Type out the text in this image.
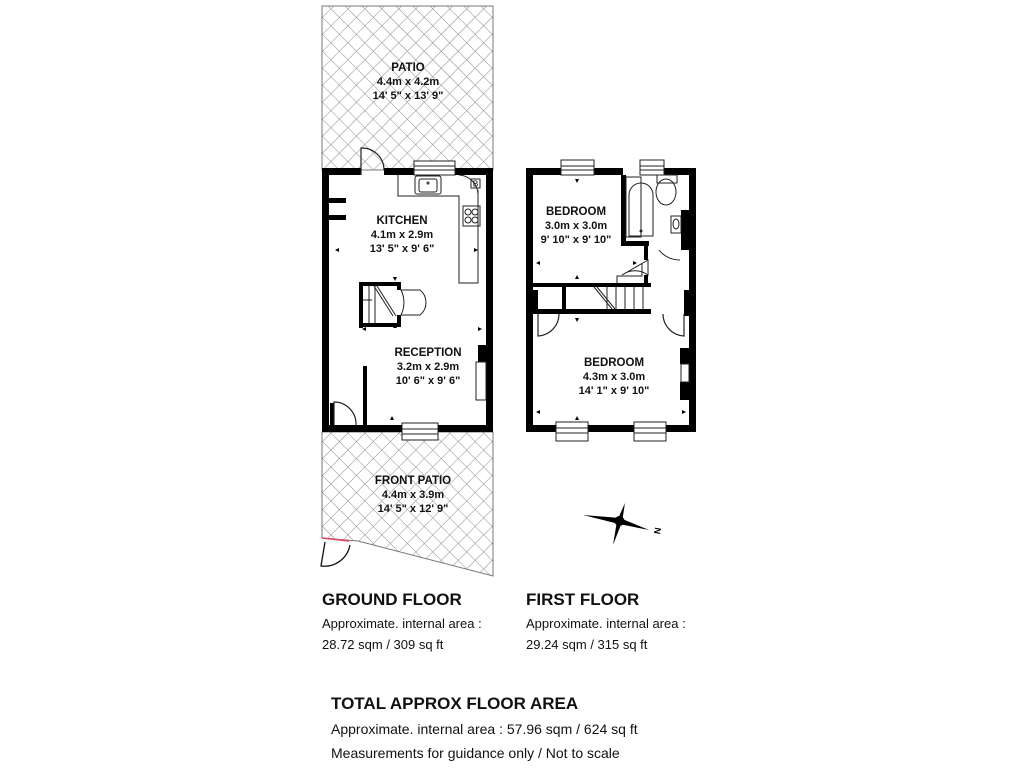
B
N
PATIO
4.4m x 4.2m
14' 5" x 13' 9"
KITCHEN
4.1m x 2.9m
13' 5" x 9' 6"
RECEPTION
3.2m x 2.9m
10' 6" x 9' 6"
FRONT PATIO
4.4m x 3.9m
14' 5" x 12' 9"
BEDROOM
3.0m x 3.0m
9' 10" x 9' 10"
BEDROOM
4.3m x 3.0m
14' 1" x 9' 10"
GROUND FLOOR
Approximate. internal area :
28.72 sqm / 309 sq ft
FIRST FLOOR
Approximate. internal area :
29.24 sqm / 315 sq ft
TOTAL APPROX FLOOR AREA
Approximate. internal area : 57.96 sqm / 624 sq ft
Measurements for guidance only / Not to scale
